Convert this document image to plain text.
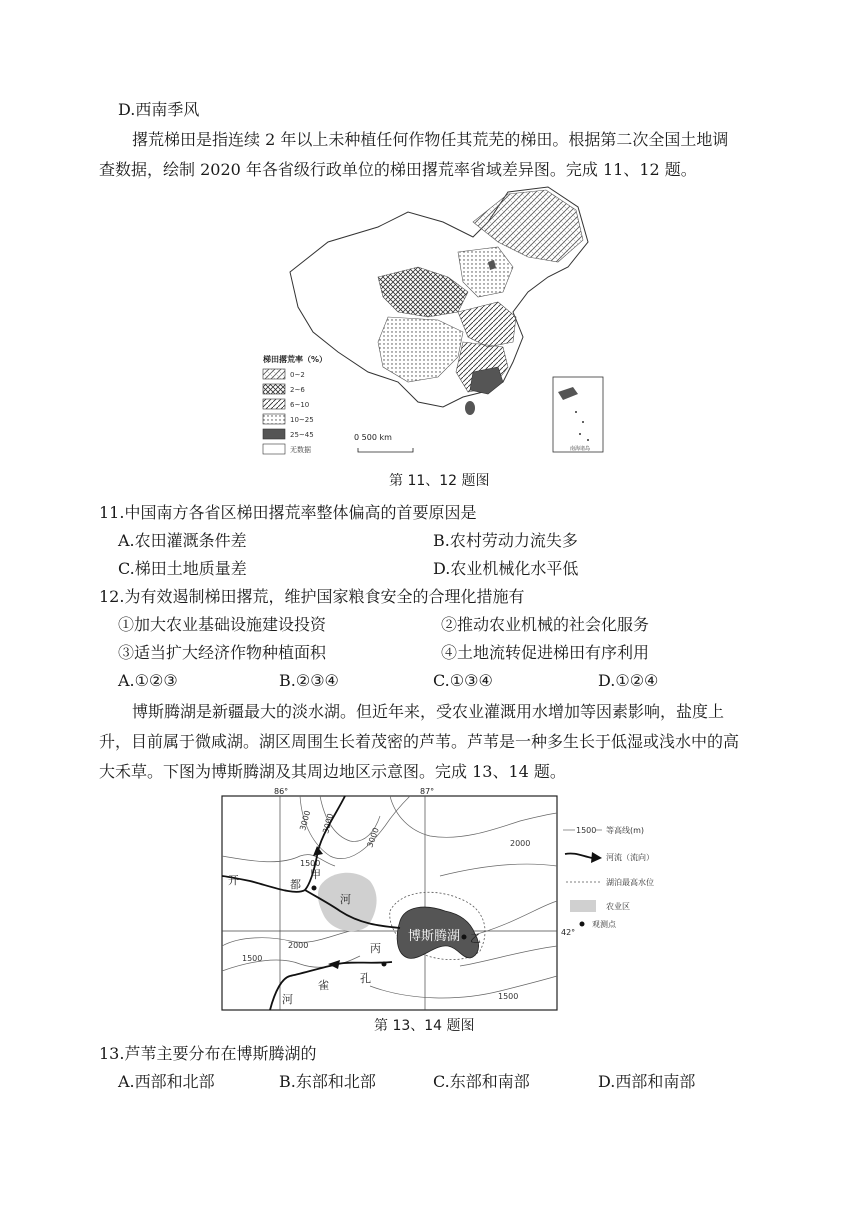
D.西南季风
撂荒梯田是指连续 2 年以上未种植任何作物任其荒芜的梯田。根据第二次全国土地调
查数据，绘制 2020 年各省级行政单位的梯田撂荒率省域差异图。完成 11、12 题。
南海诸岛
梯田撂荒率（%）
0~2
2~6
6~10
10~25
25~45
无数据
0 500 km
第 11、12 题图
11.中国南方各省区梯田撂荒率整体偏高的首要原因是
A.农田灌溉条件差	B.农村劳动力流失多
C.梯田土地质量差	D.农业机械化水平低
12.为有效遏制梯田撂荒，维护国家粮食安全的合理化措施有
①加大农业基础设施建设投资	②推动农业机械的社会化服务
③适当扩大经济作物种植面积	④土地流转促进梯田有序利用
A.①②③	B.②③④	C.①③④	D.①②④
博斯腾湖是新疆最大的淡水湖。但近年来，受农业灌溉用水增加等因素影响，盐度上
升，目前属于微咸湖。湖区周围生长着茂密的芦苇。芦苇是一种多生长于低湿或浅水中的高
大禾草。下图为博斯腾湖及其周边地区示意图。完成 13、14 题。
86°	87°
42°
3000 3000
3000	2000
1500
2000
1500
1500
博斯腾湖
开	都
河
孔
雀
河
甲
乙
丙
1500 等高线(m)
河流（流向）
湖泊最高水位
农业区
观测点
第 13、14 题图
13.芦苇主要分布在博斯腾湖的
A.西部和北部	B.东部和北部	C.东部和南部	D.西部和南部
